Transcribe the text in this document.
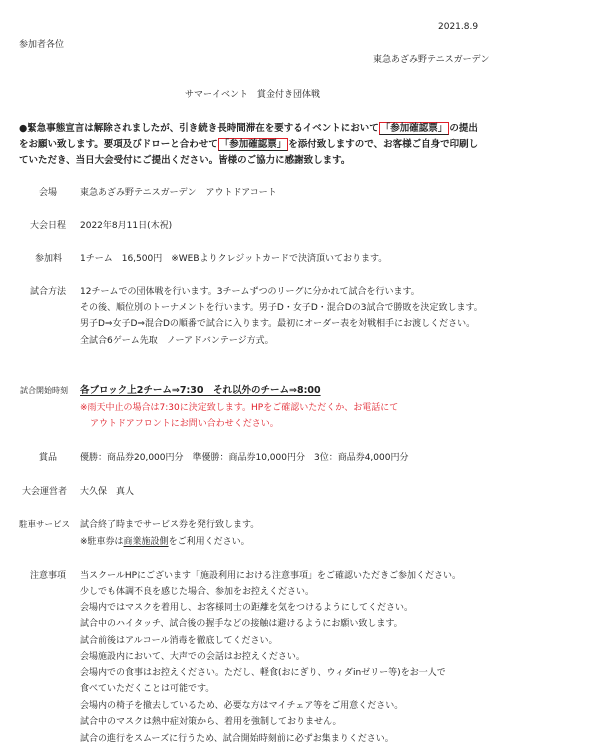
2021.8.9
参加者各位
東急あざみ野テニスガーデン
サマーイベント　賞金付き団体戦
●緊急事態宣言は解除されましたが、引き続き長時間滞在を要するイベントにおいて 「参加確認票」 の提出
をお願い致します。要項及びドローと合わせて 「参加確認票」 を添付致しますので、お客様ご自身で印刷し
ていただき、当日大会受付にご提出ください。皆様のご協力に感謝致します。
会場	東急あざみ野テニスガーデン　アウトドアコート
大会日程 2022年8月11日(木祝)
参加料 1チーム　16,500円　※WEBよりクレジットカードで決済頂いております。
試合方法 12チームでの団体戦を行います。3チームずつのリーグに分かれて試合を行います。
その後、順位別のトーナメントを行います。男子D・女子D・混合Dの3試合で勝敗を決定致します。
男子D⇒女子D⇒混合Dの順番で試合に入ります。最初にオーダー表を対戦相手にお渡しください。
全試合6ゲーム先取　ノーアドバンテージ方式。
試合開始時刻 各ブロック上2チーム⇒7:30　それ以外のチーム⇒8:00
※雨天中止の場合は7:30に決定致します。HPをご確認いただくか、お電話にて
アウトドアフロントにお問い合わせください。
賞品	優勝：商品券20,000円分　準優勝：商品券10,000円分　3位：商品券4,000円分
大会運営者 大久保　真人
駐車サービス 試合終了時までサービス券を発行致します。
※駐車券は商業施設側をご利用ください。
注意事項 当スクールHPにございます「施設利用における注意事項」をご確認いただきご参加ください。
少しでも体調不良を感じた場合、参加をお控えください。
会場内ではマスクを着用し、お客様同士の距離を気をつけるようにしてください。
試合中のハイタッチ、試合後の握手などの接触は避けるようにお願い致します。
試合前後はアルコール消毒を徹底してください。
会場施設内において、大声での会話はお控えください。
会場内での食事はお控えください。ただし、軽食(おにぎり、ウィダinゼリー等)をお一人で
食べていただくことは可能です。
会場内の椅子を撤去しているため、必要な方はマイチェア等をご用意ください。
試合中のマスクは熱中症対策から、着用を強制しておりません。
試合の進行をスムーズに行うため、試合開始時刻前に必ずお集まりください。
